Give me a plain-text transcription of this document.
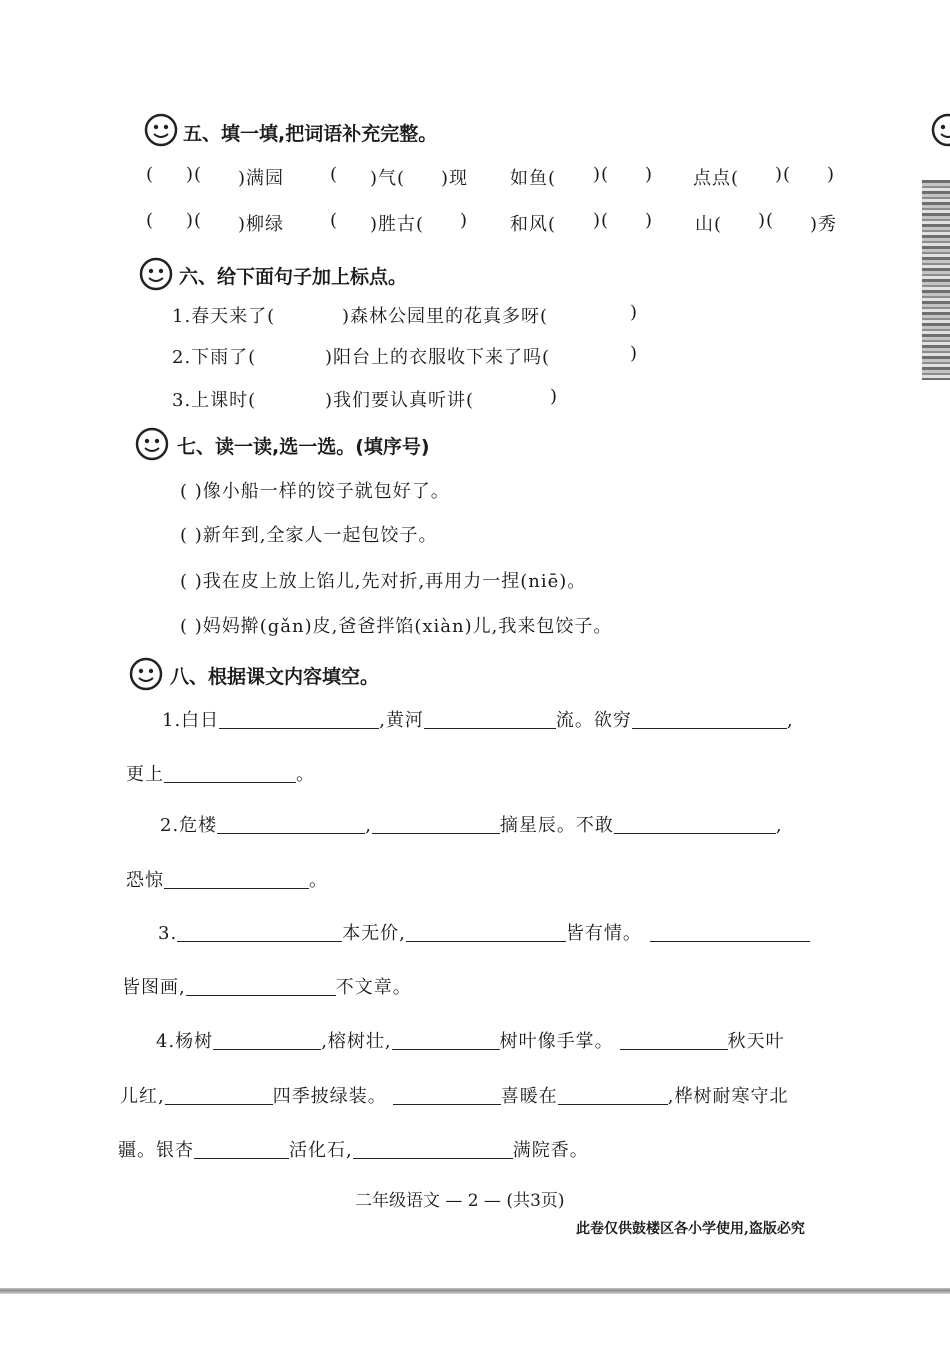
五、填一填,把词语补充完整。
( )( )满园	( )气( )现 如鱼( )( ) 点点( )( )
( )( )柳绿	( )胜古( ) 和风( )( ) 山( )( )秀
六、给下面句子加上标点。
1.春天来了(	)森林公园里的花真多呀(	)
2.下雨了(	)阳台上的衣服收下来了吗(	)
3.上课时(	)我们要认真听讲(	)
七、读一读,选一选。(填序号)
( )像小船一样的饺子就包好了。
( )新年到,全家人一起包饺子。
( )我在皮上放上馅儿,先对折,再用力一捏(niē)。
( )妈妈擀(gǎn)皮,爸爸拌馅(xiàn)儿,我来包饺子。
八、根据课文内容填空。
1.白日	,黄河	流。欲穷	,
更上	。
2.危楼	,	摘星辰。不敢	,
恐惊	。
3.	本无价,	皆有情。
皆图画,	不文章。
4.杨树	,榕树壮,	树叶像手掌。	秋天叶
儿红,	四季披绿装。	喜暖在	,桦树耐寒守北
疆。银杏	活化石,	满院香。
二年级语文 — 2 — (共3页)
此卷仅供鼓楼区各小学使用,盗版必究
